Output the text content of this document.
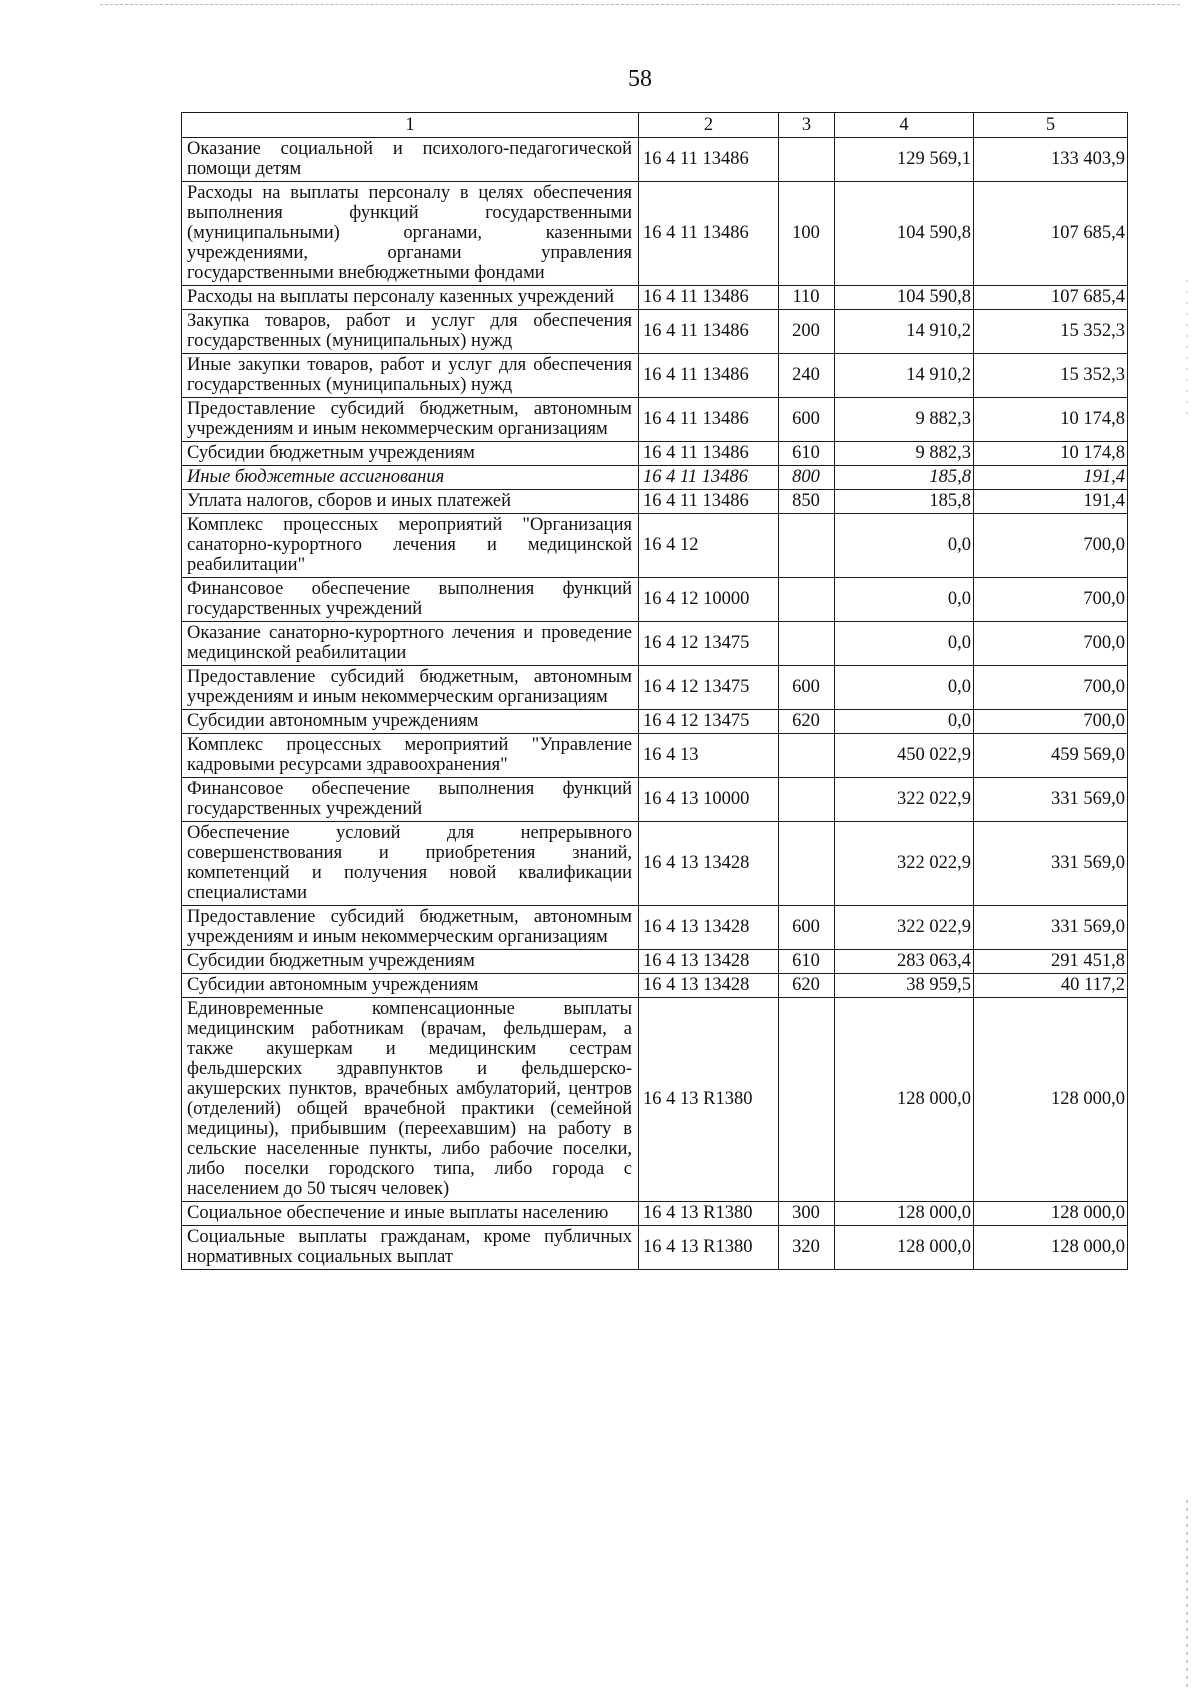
58
1	2	3	4	5
Оказание социальной и психолого-педагогической помощи детям	16 4 11 13486		129 569,1	133 403,9
Расходы на выплаты персоналу в целях обеспечения выполнения функций государственными (муниципальными) органами, казенными учреждениями, органами управления государственными внебюджетными фондами	16 4 11 13486	100	104 590,8	107 685,4
Расходы на выплаты персоналу казенных учреждений	16 4 11 13486	110	104 590,8	107 685,4
Закупка товаров, работ и услуг для обеспечения государственных (муниципальных) нужд	16 4 11 13486	200	14 910,2	15 352,3
Иные закупки товаров, работ и услуг для обеспечения государственных (муниципальных) нужд	16 4 11 13486	240	14 910,2	15 352,3
Предоставление субсидий бюджетным, автономным учреждениям и иным некоммерческим организациям	16 4 11 13486	600	9 882,3	10 174,8
Субсидии бюджетным учреждениям	16 4 11 13486	610	9 882,3	10 174,8
Иные бюджетные ассигнования	16 4 11 13486	800	185,8	191,4
Уплата налогов, сборов и иных платежей	16 4 11 13486	850	185,8	191,4
Комплекс процессных мероприятий "Организация санаторно-курортного лечения и медицинской реабилитации"	16 4 12		0,0	700,0
Финансовое обеспечение выполнения функций государственных учреждений	16 4 12 10000		0,0	700,0
Оказание санаторно-курортного лечения и проведение медицинской реабилитации	16 4 12 13475		0,0	700,0
Предоставление субсидий бюджетным, автономным учреждениям и иным некоммерческим организациям	16 4 12 13475	600	0,0	700,0
Субсидии автономным учреждениям	16 4 12 13475	620	0,0	700,0
Комплекс процессных мероприятий "Управление кадровыми ресурсами здравоохранения"	16 4 13		450 022,9	459 569,0
Финансовое обеспечение выполнения функций государственных учреждений	16 4 13 10000		322 022,9	331 569,0
Обеспечение условий для непрерывного совершенствования и приобретения знаний, компетенций и получения новой квалификации специалистами	16 4 13 13428		322 022,9	331 569,0
Предоставление субсидий бюджетным, автономным учреждениям и иным некоммерческим организациям	16 4 13 13428	600	322 022,9	331 569,0
Субсидии бюджетным учреждениям	16 4 13 13428	610	283 063,4	291 451,8
Субсидии автономным учреждениям	16 4 13 13428	620	38 959,5	40 117,2
Единовременные компенсационные выплаты медицинским работникам (врачам, фельдшерам, а также акушеркам и медицинским сестрам фельдшерских здравпунктов и фельдшерско-акушерских пунктов, врачебных амбулаторий, центров (отделений) общей врачебной практики (семейной медицины), прибывшим (переехавшим) на работу в сельские населенные пункты, либо рабочие поселки, либо поселки городского типа, либо города с населением до 50 тысяч человек)	16 4 13 R1380		128 000,0	128 000,0
Социальное обеспечение и иные выплаты населению	16 4 13 R1380	300	128 000,0	128 000,0
Социальные выплаты гражданам, кроме публичных нормативных социальных выплат	16 4 13 R1380	320	128 000,0	128 000,0
